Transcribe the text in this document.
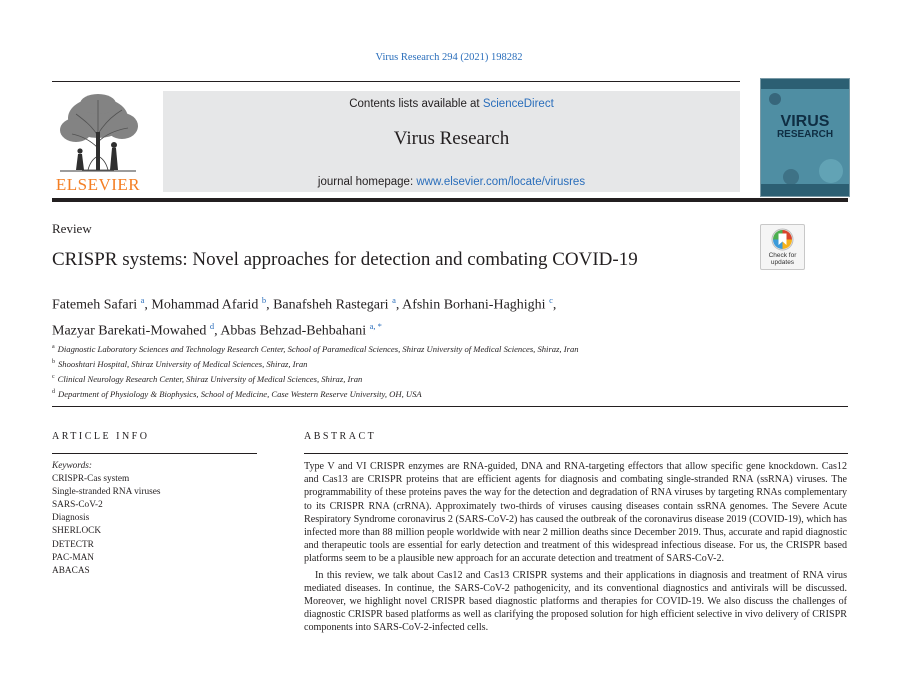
Virus Research 294 (2021) 198282
ELSEVIER
Contents lists available at ScienceDirect
Virus Research
journal homepage: www.elsevier.com/locate/virusres
VIRUS
RESEARCH
Review
CRISPR systems: Novel approaches for detection and combating COVID-19	Check for
updates
Fatemeh Safari $^a$, Mohammad Afarid $^b$, Banafsheh Rastegari $^a$, Afshin Borhani-Haghighi $^c$,
Mazyar Barekati-Mowahed $^d$, Abbas Behzad-Behbahani $^{a, *}$
$^a$ Diagnostic Laboratory Sciences and Technology Research Center, School of Paramedical Sciences, Shiraz University of Medical Sciences, Shiraz, Iran
$^b$ Shooshtari Hospital, Shiraz University of Medical Sciences, Shiraz, Iran
$^c$ Clinical Neurology Research Center, Shiraz University of Medical Sciences, Shiraz, Iran
$^d$ Department of Physiology & Biophysics, School of Medicine, Case Western Reserve University, OH, USA
ARTICLE INFO	ABSTRACT
Keywords:
CRISPR-Cas system
Single-stranded RNA viruses
SARS-CoV-2
Diagnosis
SHERLOCK
DETECTR
PAC-MAN
ABACAS

Type V and VI CRISPR enzymes are RNA-guided, DNA and RNA-targeting effectors that allow specific gene knockdown. Cas12 and Cas13 are CRISPR proteins that are efficient agents for diagnosis and combating single-stranded RNA (ssRNA) viruses. The programmability of these proteins paves the way for the detection and degradation of RNA viruses by targeting RNAs complementary to its CRISPR RNA (crRNA). Approximately two-thirds of viruses causing diseases contain ssRNA genomes. The Severe Acute Respiratory Syndrome coronavirus 2 (SARS-CoV-2) has caused the outbreak of the coronavirus disease 2019 (COVID-19), which has infected more than 88 million people worldwide with near 2 million deaths since December 2019. Thus, accurate and rapid diagnostic and therapeutic tools are essential for early detection and treatment of this widespread infectious disease. For us, the CRISPR based platforms seem to be a plausible new approach for an accurate detection and treatment of SARS-CoV-2.

In this review, we talk about Cas12 and Cas13 CRISPR systems and their applications in diagnosis and treatment of RNA virus mediated diseases. In continue, the SARS-CoV-2 pathogenicity, and its conventional diagnostics and antivirals will be discussed. Moreover, we highlight novel CRISPR based diagnostic platforms and therapies for COVID-19. We also discuss the challenges of diagnostic CRISPR based platforms as well as clarifying the proposed solution for high efficient selective in vivo delivery of CRISPR components into SARS-CoV-2-infected cells.
